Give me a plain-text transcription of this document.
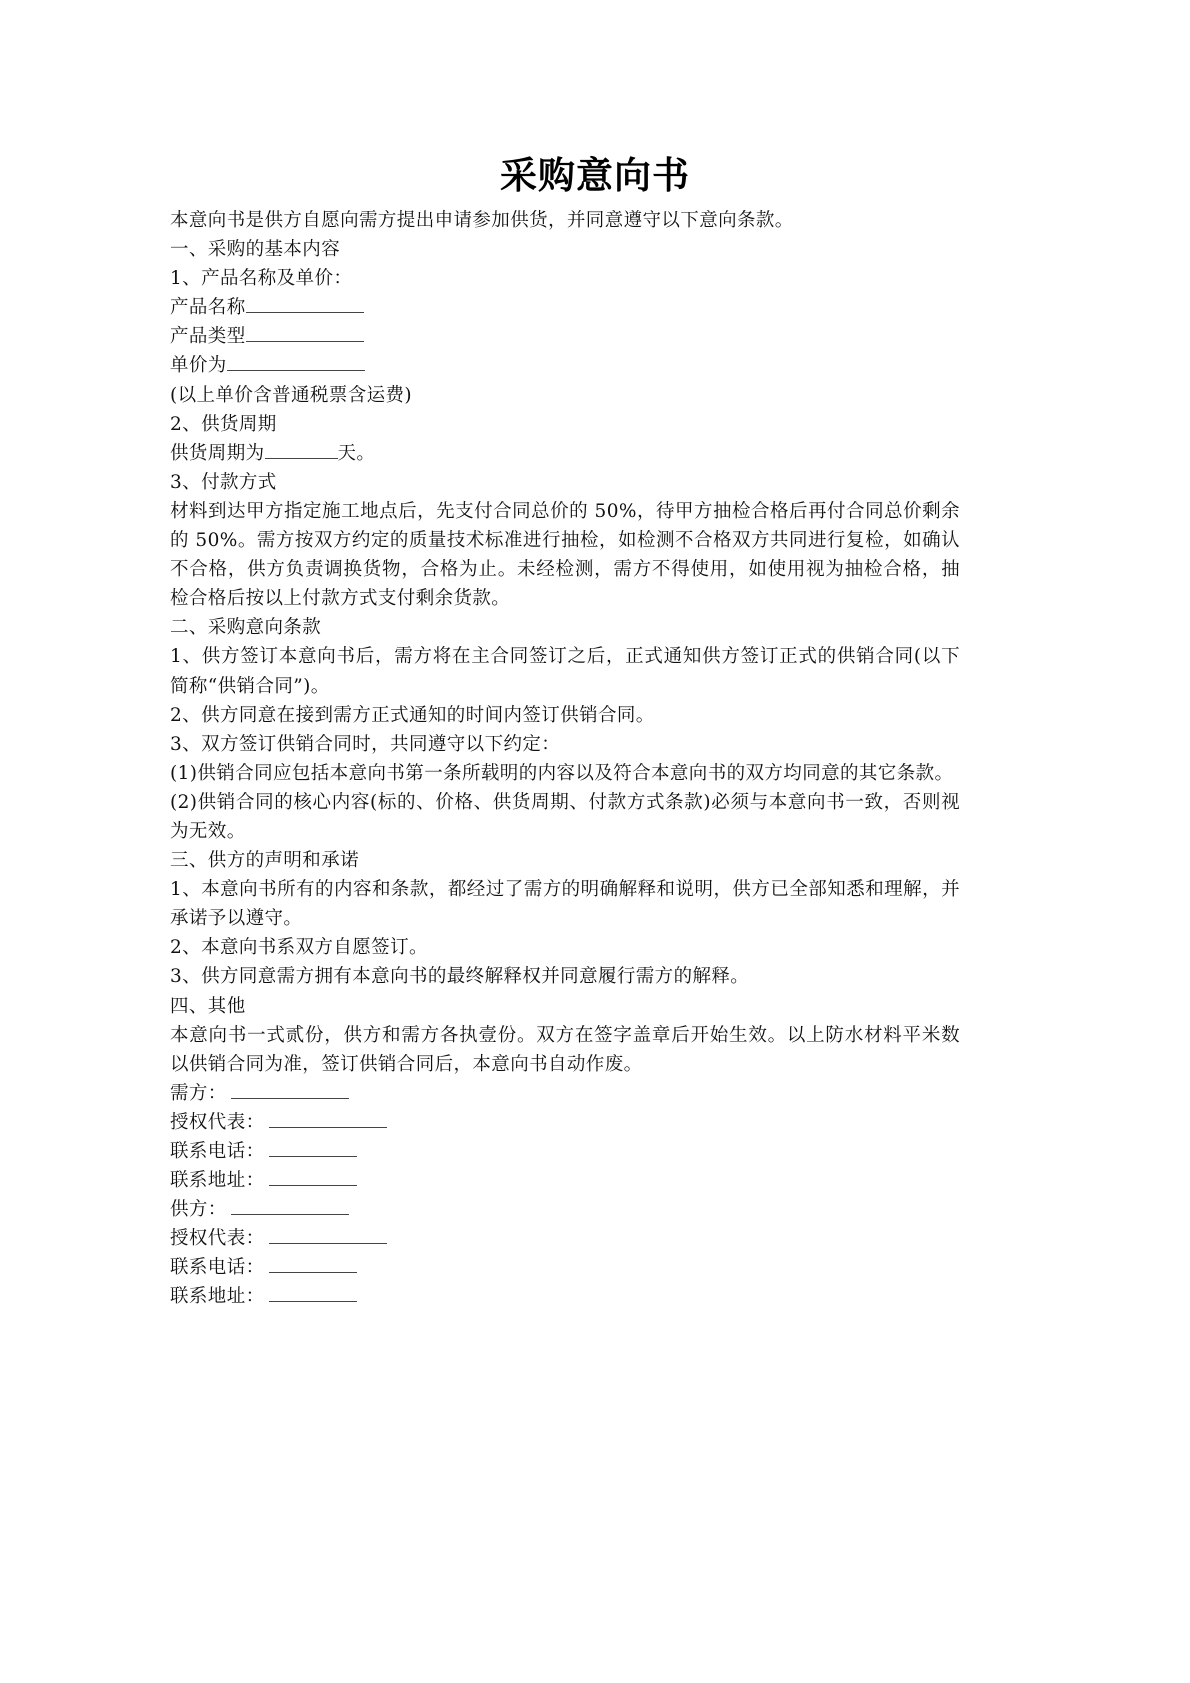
采购意向书
本意向书是供方自愿向需方提出申请参加供货，并同意遵守以下意向条款。
一、采购的基本内容
1、产品名称及单价：
产品名称
产品类型
单价为
(以上单价含普通税票含运费)
2、供货周期
供货周期为	天。
3、付款方式
材料到达甲方指定施工地点后，先支付合同总价的 50%，待甲方抽检合格后再付合同总价剩余的 50%。需方按双方约定的质量技术标准进行抽检，如检测不合格双方共同进行复检，如确认不合格，供方负责调换货物，合格为止。未经检测，需方不得使用，如使用视为抽检合格，抽检合格后按以上付款方式支付剩余货款。
二、采购意向条款
1、供方签订本意向书后，需方将在主合同签订之后，正式通知供方签订正式的供销合同(以下简称“供销合同”)。
2、供方同意在接到需方正式通知的时间内签订供销合同。
3、双方签订供销合同时，共同遵守以下约定：
(1)供销合同应包括本意向书第一条所载明的内容以及符合本意向书的双方均同意的其它条款。
(2)供销合同的核心内容(标的、价格、供货周期、付款方式条款)必须与本意向书一致，否则视为无效。
三、供方的声明和承诺
1、本意向书所有的内容和条款，都经过了需方的明确解释和说明，供方已全部知悉和理解，并承诺予以遵守。
2、本意向书系双方自愿签订。
3、供方同意需方拥有本意向书的最终解释权并同意履行需方的解释。
四、其他
本意向书一式贰份，供方和需方各执壹份。双方在签字盖章后开始生效。以上防水材料平米数以供销合同为准，签订供销合同后，本意向书自动作废。
需方：
授权代表：
联系电话：
联系地址：
供方：
授权代表：
联系电话：
联系地址：
